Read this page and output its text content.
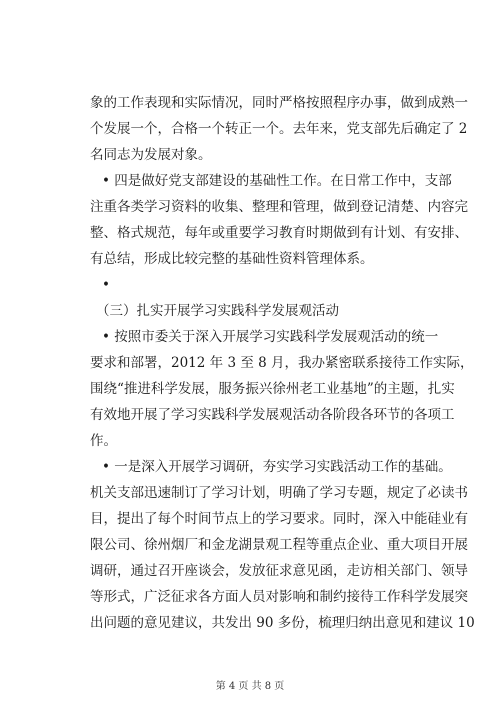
象的工作表现和实际情况，同时严格按照程序办事，做到成熟一
个发展一个，合格一个转正一个。去年来，党支部先后确定了 2
名同志为发展对象。
• 四是做好党支部建设的基础性工作。在日常工作中，支部
注重各类学习资料的收集、整理和管理，做到登记清楚、内容完
整、格式规范，每年或重要学习教育时期做到有计划、有安排、
有总结，形成比较完整的基础性资料管理体系。
•
（三）扎实开展学习实践科学发展观活动
• 按照市委关于深入开展学习实践科学发展观活动的统一
要求和部署，2012 年 3 至 8 月，我办紧密联系接待工作实际，
围绕“推进科学发展，服务振兴徐州老工业基地”的主题，扎实
有效地开展了学习实践科学发展观活动各阶段各环节的各项工
作。
• 一是深入开展学习调研，夯实学习实践活动工作的基础。
机关支部迅速制订了学习计划，明确了学习专题，规定了必读书
目，提出了每个时间节点上的学习要求。同时，深入中能硅业有
限公司、徐州烟厂和金龙湖景观工程等重点企业、重大项目开展
调研，通过召开座谈会，发放征求意见函，走访相关部门、领导
等形式，广泛征求各方面人员对影响和制约接待工作科学发展突
出问题的意见建议，共发出 90 多份，梳理归纳出意见和建议 10
第 4 页 共 8 页
